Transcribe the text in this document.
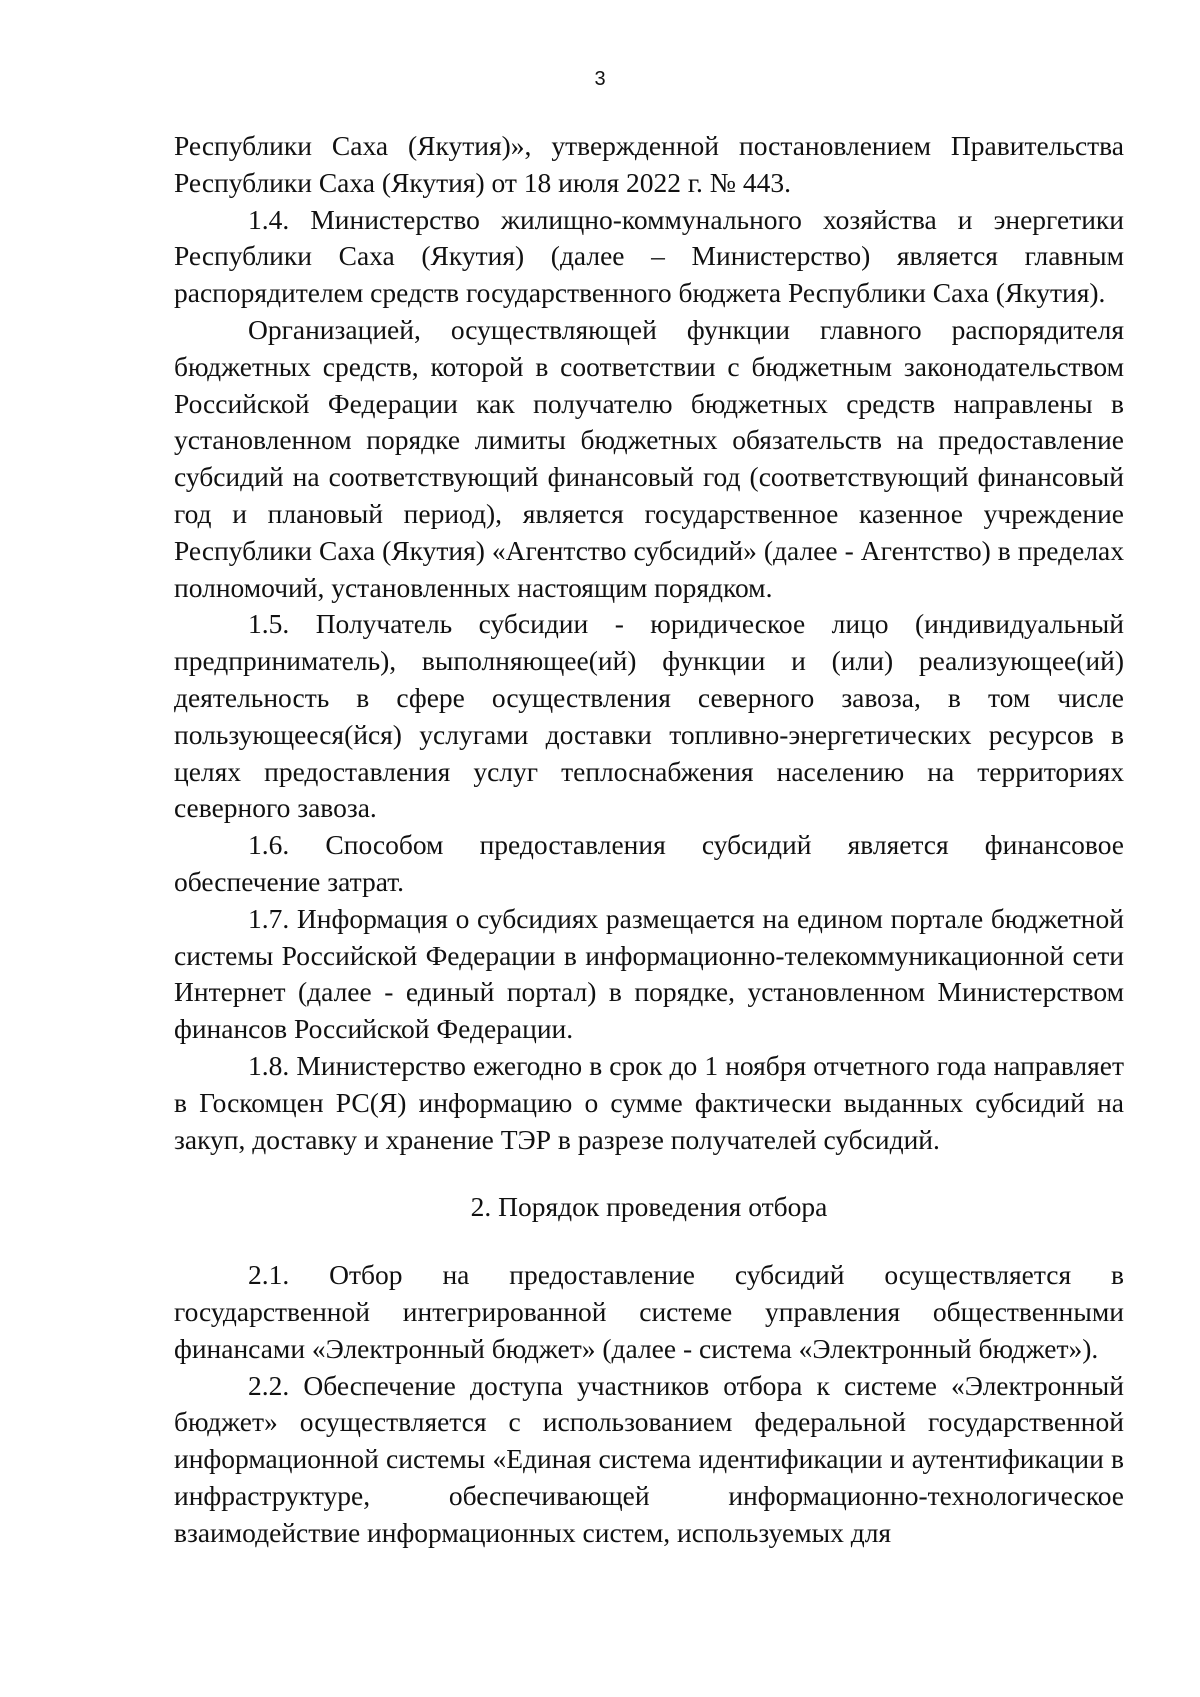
3

Республики Саха (Якутия)», утвержденной постановлением Правительства Республики Саха (Якутия) от 18 июля 2022 г. № 443.

1.4. Министерство жилищно-коммунального хозяйства и энергетики Республики Саха (Якутия) (далее – Министерство) является главным распорядителем средств государственного бюджета Республики Саха (Якутия).

Организацией, осуществляющей функции главного распорядителя бюджетных средств, которой в соответствии с бюджетным законодательством Российской Федерации как получателю бюджетных средств направлены в установленном порядке лимиты бюджетных обязательств на предоставление субсидий на соответствующий финансовый год (соответствующий финансовый год и плановый период), является государственное казенное учреждение Республики Саха (Якутия) «Агентство субсидий» (далее - Агентство) в пределах полномочий, установленных настоящим порядком.

1.5. Получатель субсидии - юридическое лицо (индивидуальный предприниматель), выполняющее(ий) функции и (или) реализующее(ий) деятельность в сфере осуществления северного завоза, в том числе пользующееся(йся) услугами доставки топливно-энергетических ресурсов в целях предоставления услуг теплоснабжения населению на территориях северного завоза.

1.6. Способом предоставления субсидий является финансовое обеспечение затрат.

1.7. Информация о субсидиях размещается на едином портале бюджетной системы Российской Федерации в информационно-телекоммуникационной сети Интернет (далее - единый портал) в порядке, установленном Министерством финансов Российской Федерации.

1.8. Министерство ежегодно в срок до 1 ноября отчетного года направляет в Госкомцен РС(Я) информацию о сумме фактически выданных субсидий на закуп, доставку и хранение ТЭР в разрезе получателей субсидий.

2. Порядок проведения отбора

2.1. Отбор на предоставление субсидий осуществляется в государственной интегрированной системе управления общественными финансами «Электронный бюджет» (далее - система «Электронный бюджет»).

2.2. Обеспечение доступа участников отбора к системе «Электронный бюджет» осуществляется с использованием федеральной государственной информационной системы «Единая система идентификации и аутентификации в инфраструктуре, обеспечивающей информационно-технологическое взаимодействие информационных систем, используемых для
